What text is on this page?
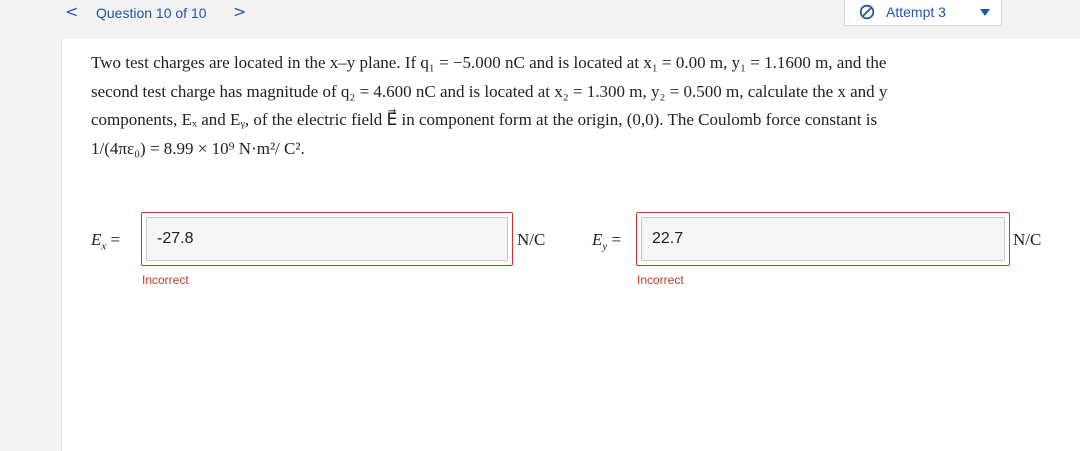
< Question 10 of 10 >	Attempt 3

Two test charges are located in the x–y plane. If q₁ = −5.000 nC and is located at x₁ = 0.00 m, y₁ = 1.1600 m, and the

second test charge has magnitude of q₂ = 4.600 nC and is located at x₂ = 1.300 m, y₂ = 0.500 m, calculate the x and y

components, Eₓ and Eᵧ, of the electric field E⃗ in component form at the origin, (0,0). The Coulomb force constant is

1/(4πε₀) = 8.99 × 10⁹ N·m²/ C².

$E_x$ =	-27.8	N/C
Incorrect
$E_y$ =	22.7	N/C
Incorrect
